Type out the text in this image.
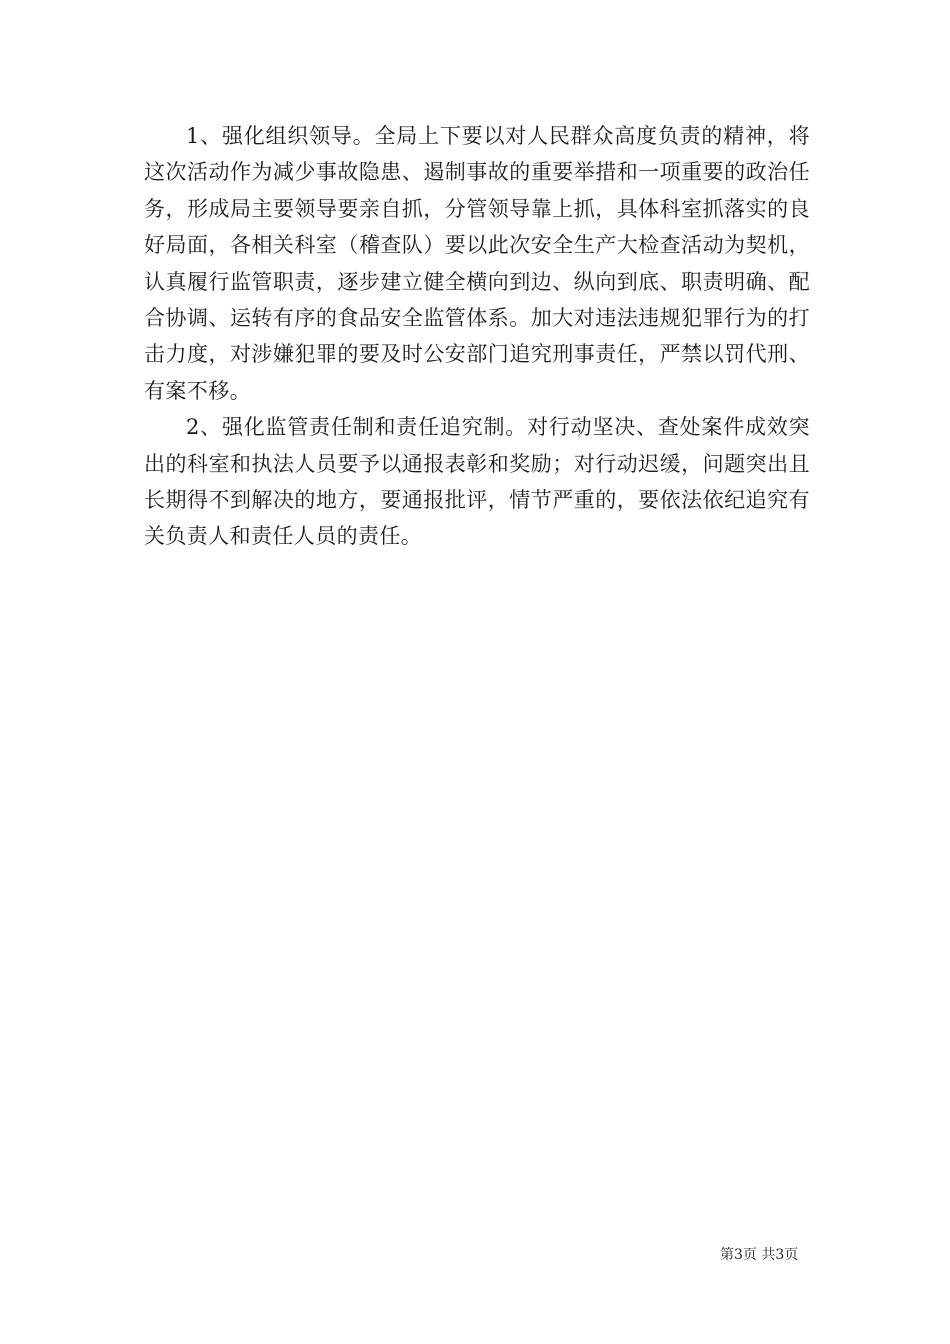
1、强化组织领导。全局上下要以对人民群众高度负责的精神，将这次活动作为减少事故隐患、遏制事故的重要举措和一项重要的政治任务，形成局主要领导要亲自抓，分管领导靠上抓，具体科室抓落实的良好局面，各相关科室（稽查队）要以此次安全生产大检查活动为契机，认真履行监管职责，逐步建立健全横向到边、纵向到底、职责明确、配合协调、运转有序的食品安全监管体系。加大对违法违规犯罪行为的打击力度，对涉嫌犯罪的要及时公安部门追究刑事责任，严禁以罚代刑、有案不移。

2、强化监管责任制和责任追究制。对行动坚决、查处案件成效突出的科室和执法人员要予以通报表彰和奖励；对行动迟缓，问题突出且长期得不到解决的地方，要通报批评，情节严重的，要依法依纪追究有关负责人和责任人员的责任。

第3页 共3页
